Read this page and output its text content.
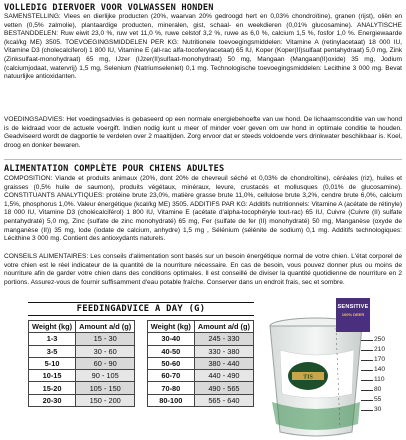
VOLLEDIG DIERVOER VOOR VOLWASSEN HONDEN

SAMENSTELLING: Vlees en dierlijke producten (20%, waarvan 20% gedroogd hert en 0,03% chondroïtine), granen (rijst), oliën en vetten (0,5% zalmolie), plantaardige producten, mineralen, gist, schaal- en weekdieren (0,01% glucosamine). ANALYTISCHE BESTANDDELEN: Ruw eiwit 23,0 %, ruw vet 11,0 %, ruwe celstof 3,2 %, ruwe as 6,0 %, calcium 1,5 %, fosfor 1,0 %. Energiewaarde (kcal/kg ME) 3505. TOEVOEGINGSMIDDELEN PER KG: Nutritionele toevoegingsmiddelen: Vitamine A (retinylacetaat) 18 000 IU, Vitamine D3 (cholecalciferol) 1 800 IU, Vitamine E (all-rac alfa-tocoferylacetaat) 65 IU, Koper (Koper(II)sulfaat pentahydraat) 5,0 mg, Zink (Zinksulfaat-monohydraat) 65 mg, IJzer (IJzer(II)sulfaat-monohydraat) 50 mg, Mangaan (Mangaan(II)oxide) 35 mg, Jodium (calciumjodaat, watervrij) 1,5 mg, Selenium (Natriumseleniet) 0,1 mg. Technologische toevoegingsmiddelen: Lecithine 3 000 mg. Bevat natuurlijke antioxidanten.

VOEDINGSADVIES: Het voedingsadvies is gebaseerd op een normale energiebehoefte van uw hond. De lichaamsconditie van uw hond is de leidraad voor de actuele voergift. Indien nodig kunt u meer of minder voer geven om uw hond in optimale conditie te houden. Geadviseerd wordt de dagportie te verdelen over 2 maaltijden. Zorg ervoor dat er steeds voldoende vers drinkwater beschikbaar is. Koel, droog en donker bewaren.

ALIMENTATION COMPLÈTE POUR CHIENS ADULTES

COMPOSITION: Viande et produits animaux (20%, dont 20% de chevreuil séché et 0,03% de chondroïtine), céréales (riz), huiles et graisses (0,5% huile de saumon), produits végétaux, minéraux, levure, crustacés et mollusques (0,01% de glucosamine). CONSTITUANTS ANALYTIQUES: protéine brute 23,0%, matière grasse brute 11,0%, cellulose brute 3,2%, cendre brute 6,0%, calcium 1,5%, phosphorus 1,0%. Valeur énergétique (kcal/kg ME) 3505. ADDITIFS PAR KG: Additifs nutritionnels: Vitamine A (acétate de rétinyle) 18 000 IU, Vitamine D3 (cholécalciférol) 1 800 IU, Vitamine E (acétate d'alpha-tocophéryle tout-rac) 65 IU, Cuivre (Cuivre (II) sulfate pentahydraté) 5,0 mg, Zinc (sulfate de zinc monohydraté) 65 mg, Fer (sulfate de fer (II) monohydraté) 50 mg, Manganèse (oxyde de manganèse (II)) 35 mg, Iode (iodate de calcium, anhydre) 1,5 mg , Sélénium (sélénite de sodium) 0,1 mg. Additifs technologiques: Lécithine 3 000 mg. Contient des antioxydants naturels.

CONSEILS ALIMENTAIRES: Les conseils d'alimentation sont basés sur un besoin énergétique normal de votre chien. L'état corporel de votre chien est le réel indicateur de la quantité de la nourriture nécessaire. En cas de besoin, vous pouvez donner plus ou moins de nourriture afin de garder votre chien dans des conditions optimales. Il est conseillé de diviser la quantité quotidienne de nourriture en 2 portions. Assurez-vous de fournir suffisamment d'eau potable fraîche. Conserver dans un endroit frais, sec et sombre.

FEEDINGADVICE A DAY (G)
Weight (kg)	Amount a/d (g)
1-3	15 - 30
3-5	30 - 60
5-10	60 - 90
10-15	90 - 105
15-20	105 - 150
20-30	150 - 200
Weight (kg)	Amount a/d (g)
30-40	245 - 330
40-50	330 - 380
50-60	380 - 440
60-70	440 - 490
70-80	490 - 565
80-100	565 - 640
TIS
SENSITIVE
100% DEER
250
210
170
140
110
80
55
30
